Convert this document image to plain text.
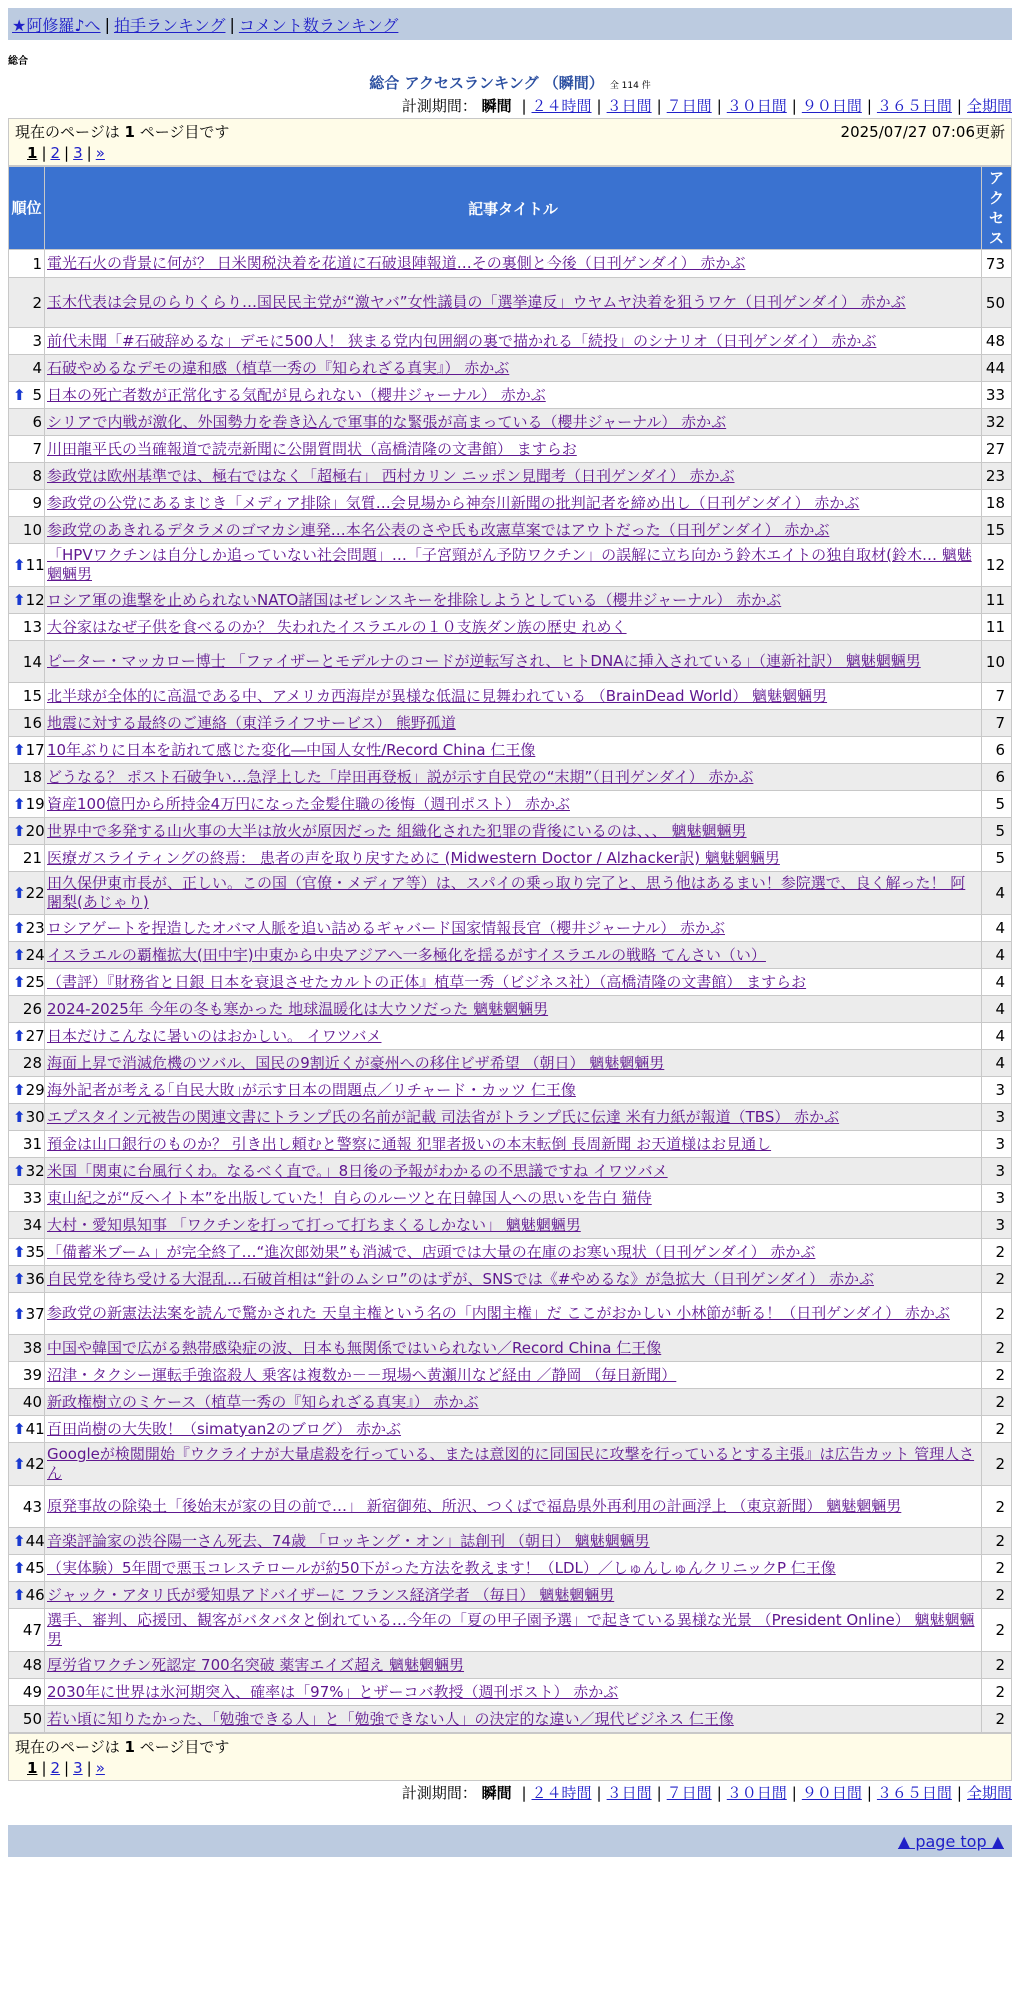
★阿修羅♪へ | 拍手ランキング | コメント数ランキング
総合
総合 アクセスランキング （瞬間） 全 114 件
計測期間： 瞬間 | ２４時間 | ３日間 | ７日間 | ３０日間 | ９０日間 | ３６５日間 | 全期間
現在のページは 1 ページ目です	2025/07/27 07:06更新
1 | 2 | 3 | »
順位	記事タイトル	アクセス
1	電光石火の背景に何が？ 日米関税決着を花道に石破退陣報道…その裏側と今後（日刊ゲンダイ） 赤かぶ	73
2	玉木代表は会見のらりくらり…国民民主党が“激ヤバ”女性議員の「選挙違反」ウヤムヤ決着を狙うワケ（日刊ゲンダイ） 赤かぶ	50
3	前代未聞「#石破辞めるな」デモに500人！ 狭まる党内包囲網の裏で描かれる「続投」のシナリオ（日刊ゲンダイ） 赤かぶ	48
4	石破やめるなデモの違和感（植草一秀の『知られざる真実』） 赤かぶ	44

⬆ 5	日本の死亡者数が正常化する気配が見られない（櫻井ジャーナル） 赤かぶ	33
6	シリアで内戦が激化、外国勢力を巻き込んで軍事的な緊張が高まっている（櫻井ジャーナル） 赤かぶ	32
7	川田龍平氏の当確報道で読売新聞に公開質問状（高橋清隆の文書館） ますらお	27
8	参政党は欧州基準では、極右ではなく「超極右」 西村カリン ニッポン見聞考（日刊ゲンダイ） 赤かぶ	23
9	参政党の公党にあるまじき「メディア排除」気質…会見場から神奈川新聞の批判記者を締め出し（日刊ゲンダイ） 赤かぶ	18
10	参政党のあきれるデタラメのゴマカシ連発…本名公表のさや氏も改憲草案ではアウトだった（日刊ゲンダイ） 赤かぶ	15

⬆ 11	「HPVワクチンは自分しか追っていない社会問題」…「子宮頸がん予防ワクチン」の誤解に立ち向かう鈴木エイトの独自取材(鈴木… 魑魅魍魎男	12

⬆ 12	ロシア軍の進撃を止められないNATO諸国はゼレンスキーを排除しようとしている（櫻井ジャーナル） 赤かぶ	11
13	大谷家はなぜ子供を食べるのか？ 失われたイスラエルの１０支族ダン族の歴史 れめく	11
14	ピーター・マッカロー博士 「ファイザーとモデルナのコードが逆転写され、ヒトDNAに挿入されている」（連新社訳） 魑魅魍魎男	10
15	北半球が全体的に高温である中、アメリカ西海岸が異様な低温に見舞われている （BrainDead World） 魑魅魍魎男	7
16	地震に対する最終のご連絡（東洋ライフサービス） 熊野孤道	7

⬆ 17	10年ぶりに日本を訪れて感じた変化―中国人女性/Record China 仁王像	6
18	どうなる？ ポスト石破争い…急浮上した「岸田再登板」説が示す自民党の“末期”（日刊ゲンダイ） 赤かぶ	6

⬆ 19	資産100億円から所持金4万円になった金髪住職の後悔（週刊ポスト） 赤かぶ	5

⬆ 20	世界中で多発する山火事の大半は放火が原因だった 組織化された犯罪の背後にいるのは、、、 魑魅魍魎男	5
21	医療ガスライティングの終焉： 患者の声を取り戻すために (Midwestern Doctor / Alzhacker訳) 魑魅魍魎男	5

⬆ 22	田久保伊東市長が、正しい。この国（官僚・メディア等）は、スパイの乗っ取り完了と、思う他はあるまい！参院選で、良く解った！ 阿闍梨(あじゃり)	4

⬆ 23	ロシアゲートを捏造したオバマ人脈を追い詰めるギャバード国家情報長官（櫻井ジャーナル） 赤かぶ	4

⬆ 24	イスラエルの覇権拡大(田中宇)中東から中央アジアへ一多極化を揺るがすイスラエルの戦略 てんさい（い）	4

⬆ 25	（書評）『財務省と日銀 日本を衰退させたカルトの正体』植草一秀（ビジネス社）（高橋清隆の文書館） ますらお	4
26	2024-2025年 今年の冬も寒かった 地球温暖化は大ウソだった 魑魅魍魎男	4

⬆ 27	日本だけこんなに暑いのはおかしい。 イワツバメ	4
28	海面上昇で消滅危機のツバル、国民の9割近くが豪州への移住ビザ希望 （朝日） 魑魅魍魎男	4

⬆ 29	海外記者が考える｢自民大敗｣が示す日本の問題点／リチャード・カッツ 仁王像	3

⬆ 30	エプスタイン元被告の関連文書にトランプ氏の名前が記載 司法省がトランプ氏に伝達 米有力紙が報道（TBS） 赤かぶ	3
31	預金は山口銀行のものか？ 引き出し頼むと警察に通報 犯罪者扱いの本末転倒 長周新聞 お天道様はお見通し	3

⬆ 32	米国「関東に台風行くわ。なるべく直で。」8日後の予報がわかるの不思議ですね イワツバメ	3
33	東山紀之が“反ヘイト本”を出版していた！自らのルーツと在日韓国人への思いを告白 猫侍	3
34	大村・愛知県知事 「ワクチンを打って打って打ちまくるしかない」 魑魅魍魎男	3

⬆ 35	「備蓄米ブーム」が完全終了…“進次郎効果”も消滅で、店頭では大量の在庫のお寒い現状（日刊ゲンダイ） 赤かぶ	2

⬆ 36	自民党を待ち受ける大混乱…石破首相は“針のムシロ”のはずが、SNSでは《#やめるな》が急拡大（日刊ゲンダイ） 赤かぶ	2

⬆ 37	参政党の新憲法法案を読んで驚かされた 天皇主権という名の「内閣主権」だ ここがおかしい 小林節が斬る！（日刊ゲンダイ） 赤かぶ	2
38	中国や韓国で広がる熱帯感染症の波、日本も無関係ではいられない／Record China 仁王像	2
39	沼津・タクシー運転手強盗殺人 乗客は複数か－－現場へ黄瀬川など経由 ／静岡 （毎日新聞）	2
40	新政権樹立のミケース（植草一秀の『知られざる真実』） 赤かぶ	2

⬆ 41	百田尚樹の大失敗！（simatyan2のブログ） 赤かぶ	2

⬆ 42	Googleが検閲開始『ウクライナが大量虐殺を行っている、または意図的に同国民に攻撃を行っているとする主張』は広告カット 管理人さん	2
43	原発事故の除染土「後始末が家の目の前で…」 新宿御苑、所沢、つくばで福島県外再利用の計画浮上 （東京新聞） 魑魅魍魎男	2

⬆ 44	音楽評論家の渋谷陽一さん死去、74歳 「ロッキング・オン」誌創刊 （朝日） 魑魅魍魎男	2

⬆ 45	（実体験）5年間で悪玉コレステロールが約50下がった方法を教えます！（LDL）／しゅんしゅんクリニックP 仁王像	2

⬆ 46	ジャック・アタリ氏が愛知県アドバイザーに フランス経済学者 （毎日） 魑魅魍魎男	2
47	選手、審判、応援団、観客がバタバタと倒れている…今年の「夏の甲子園予選」で起きている異様な光景 （President Online） 魑魅魍魎男	2
48	厚労省ワクチン死認定 700名突破 薬害エイズ超え 魑魅魍魎男	2
49	2030年に世界は氷河期突入、確率は「97%」とザーコバ教授（週刊ポスト） 赤かぶ	2
50	若い頃に知りたかった、「勉強できる人」と「勉強できない人」の決定的な違い／現代ビジネス 仁王像	2
現在のページは 1 ページ目です
1 | 2 | 3 | »
計測期間： 瞬間 | ２４時間 | ３日間 | ７日間 | ３０日間 | ９０日間 | ３６５日間 | 全期間
▲ page top ▲
